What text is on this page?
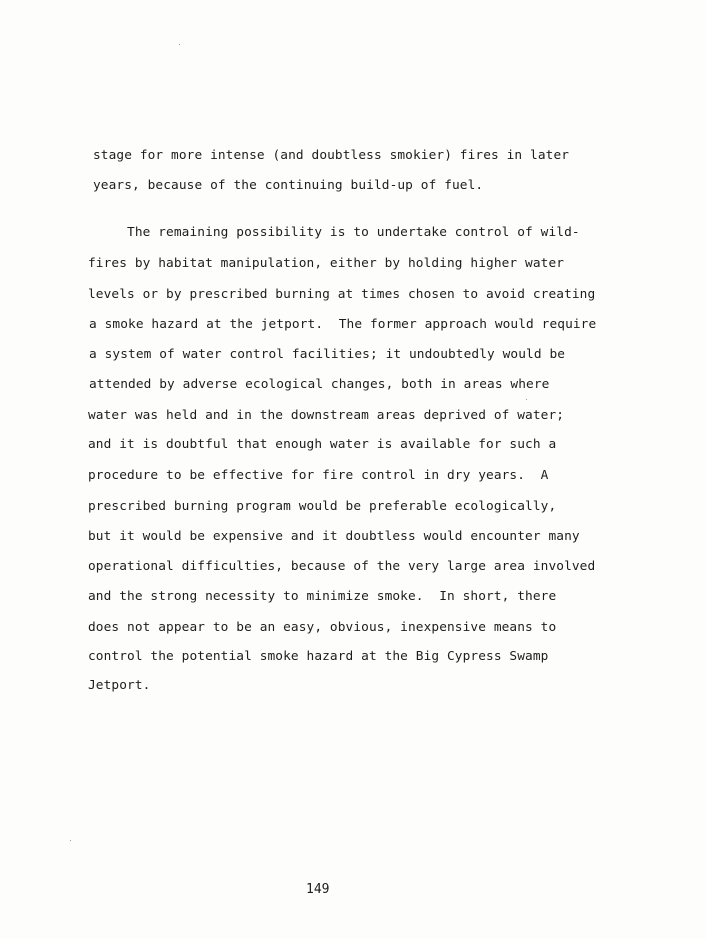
stage for more intense (and doubtless smokier) fires in later
years, because of the continuing build-up of fuel.
The remaining possibility is to undertake control of wild-
fires by habitat manipulation, either by holding higher water
levels or by prescribed burning at times chosen to avoid creating
a smoke hazard at the jetport.  The former approach would require
a system of water control facilities; it undoubtedly would be
attended by adverse ecological changes, both in areas where
water was held and in the downstream areas deprived of water;
and it is doubtful that enough water is available for such a
procedure to be effective for fire control in dry years.  A
prescribed burning program would be preferable ecologically,
but it would be expensive and it doubtless would encounter many
operational difficulties, because of the very large area involved
and the strong necessity to minimize smoke.  In short, there
does not appear to be an easy, obvious, inexpensive means to
control the potential smoke hazard at the Big Cypress Swamp
Jetport.
149
